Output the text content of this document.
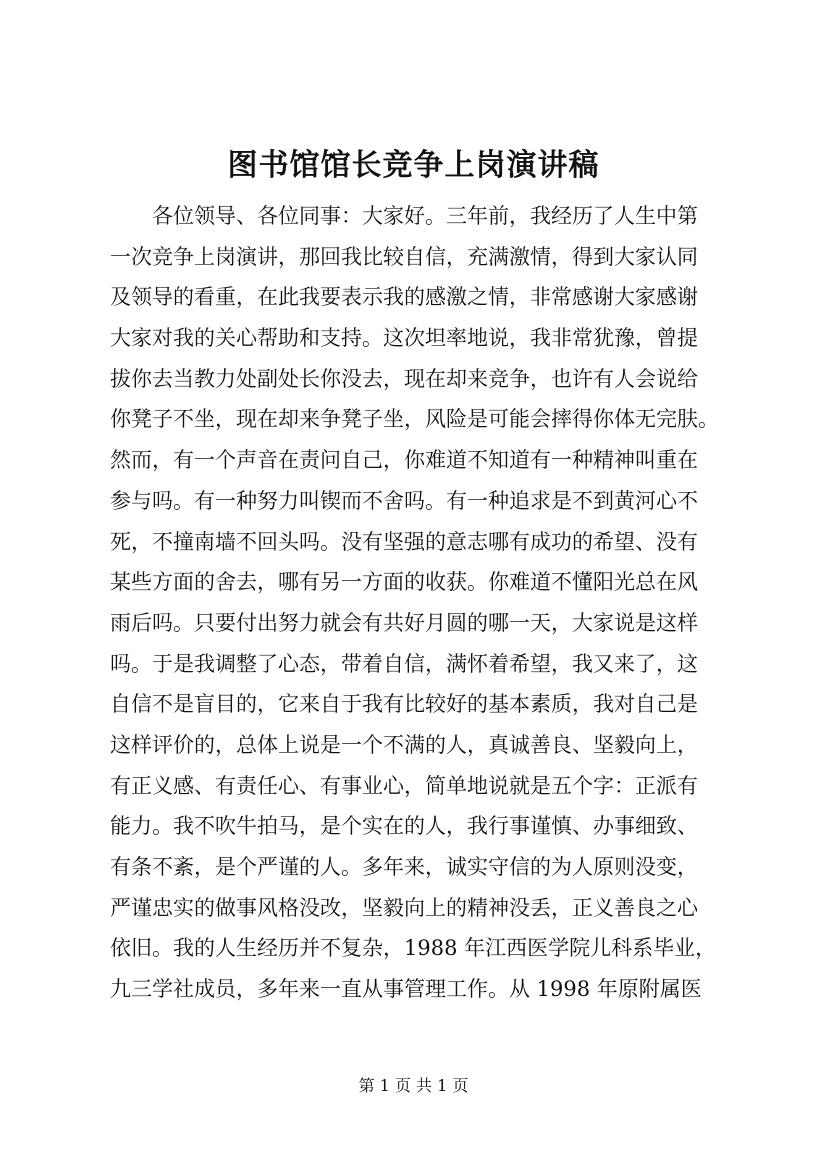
图书馆馆长竞争上岗演讲稿
各位领导、各位同事：大家好。三年前，我经历了人生中第
一次竞争上岗演讲，那回我比较自信，充满激情，得到大家认同
及领导的看重，在此我要表示我的感激之情，非常感谢大家感谢
大家对我的关心帮助和支持。这次坦率地说，我非常犹豫，曾提
拔你去当教力处副处长你没去，现在却来竞争，也许有人会说给
你凳子不坐，现在却来争凳子坐，风险是可能会摔得你体无完肤。
然而，有一个声音在责问自己，你难道不知道有一种精神叫重在
参与吗。有一种努力叫锲而不舍吗。有一种追求是不到黄河心不
死，不撞南墙不回头吗。没有坚强的意志哪有成功的希望、没有
某些方面的舍去，哪有另一方面的收获。你难道不懂阳光总在风
雨后吗。只要付出努力就会有共好月圆的哪一天，大家说是这样
吗。于是我调整了心态，带着自信，满怀着希望，我又来了，这
自信不是盲目的，它来自于我有比较好的基本素质，我对自己是
这样评价的，总体上说是一个不满的人，真诚善良、坚毅向上，
有正义感、有责任心、有事业心，简单地说就是五个字：正派有
能力。我不吹牛拍马，是个实在的人，我行事谨慎、办事细致、
有条不紊，是个严谨的人。多年来，诚实守信的为人原则没变，
严谨忠实的做事风格没改，坚毅向上的精神没丢，正义善良之心
依旧。我的人生经历并不复杂，1988 年江西医学院儿科系毕业，
九三学社成员，多年来一直从事管理工作。从 1998 年原附属医
第 1 页 共 1 页
